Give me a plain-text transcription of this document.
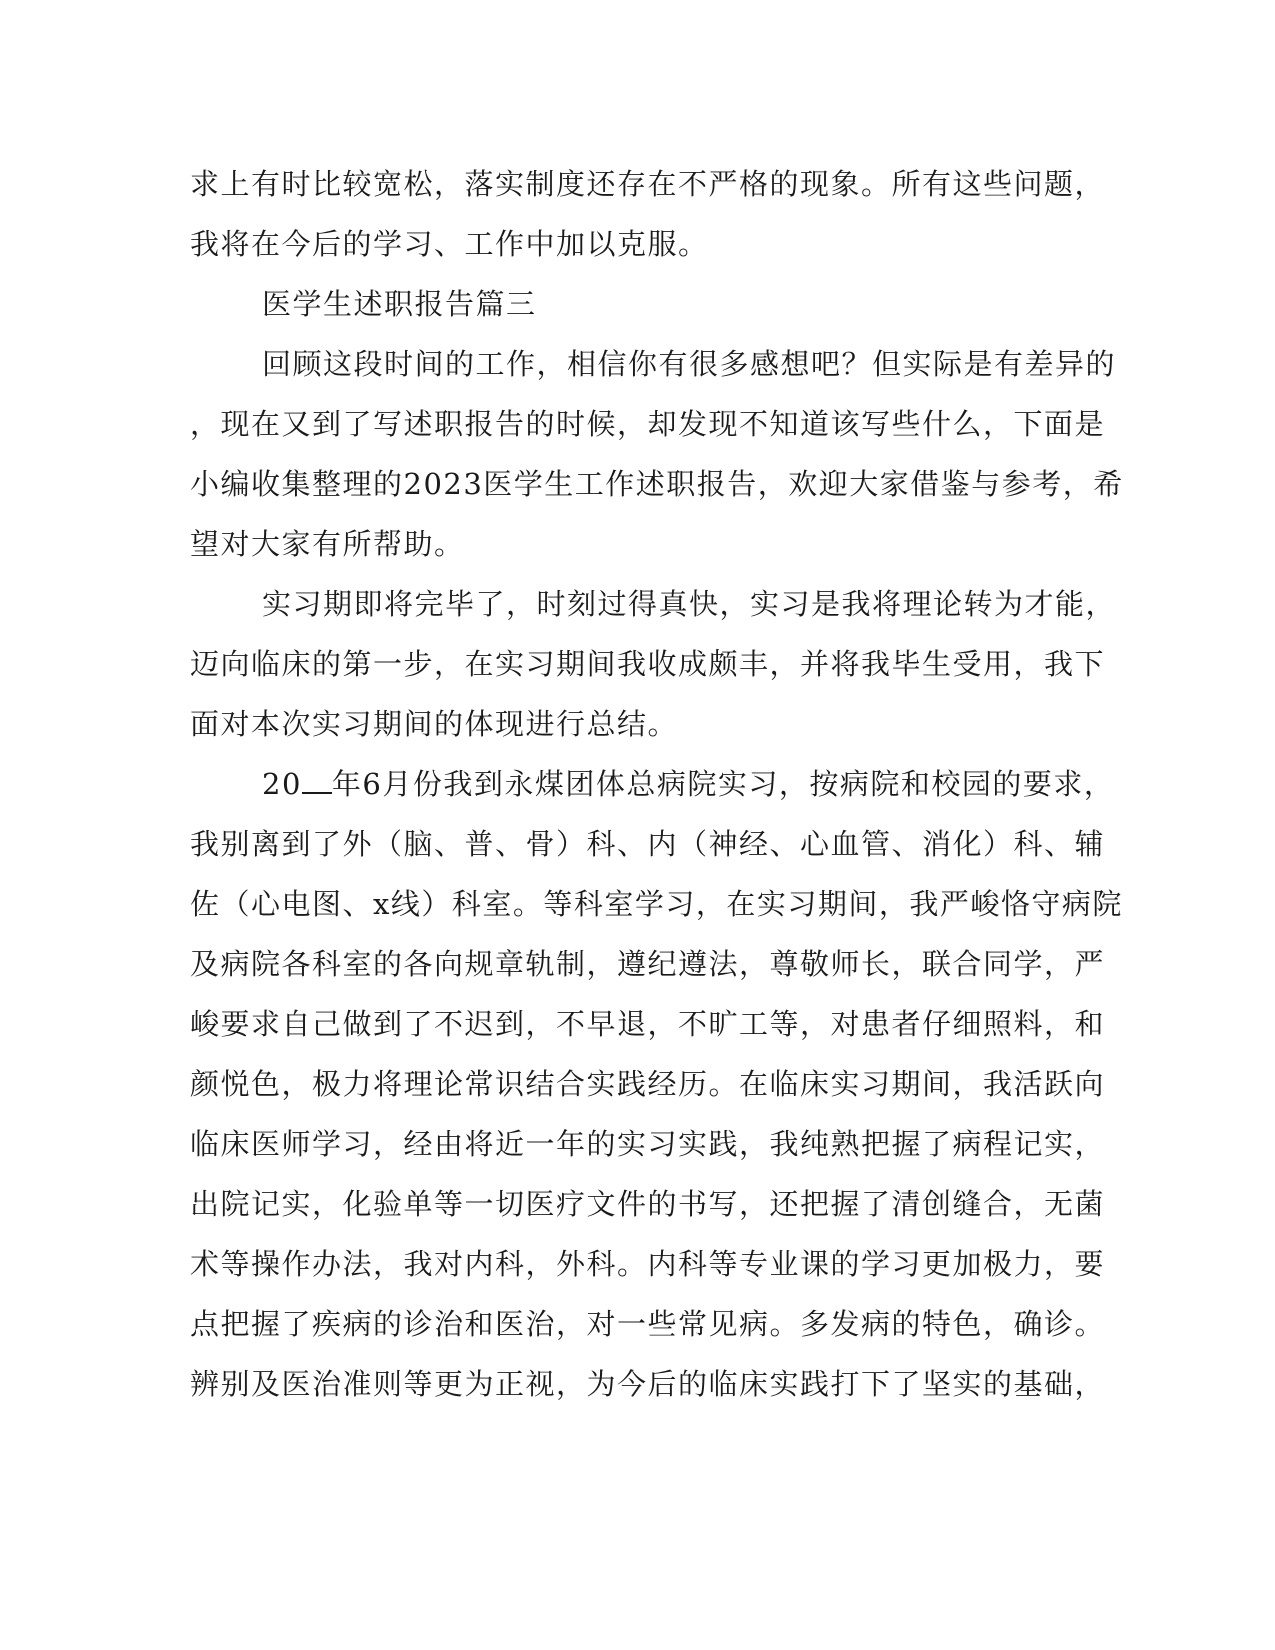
求上有时比较宽松，落实制度还存在不严格的现象。所有这些问题，
我将在今后的学习、工作中加以克服。
医学生述职报告篇三
回顾这段时间的工作，相信你有很多感想吧？但实际是有差异的
，现在又到了写述职报告的时候，却发现不知道该写些什么，下面是
小编收集整理的2023医学生工作述职报告，欢迎大家借鉴与参考，希
望对大家有所帮助。
实习期即将完毕了，时刻过得真快，实习是我将理论转为才能，
迈向临床的第一步，在实习期间我收成颇丰，并将我毕生受用，我下
面对本次实习期间的体现进行总结。
20 年6月份我到永煤团体总病院实习，按病院和校园的要求，
我别离到了外（脑、普、骨）科、内（神经、心血管、消化）科、辅
佐（心电图、x线）科室。等科室学习，在实习期间，我严峻恪守病院
及病院各科室的各向规章轨制，遵纪遵法，尊敬师长，联合同学，严
峻要求自己做到了不迟到，不早退，不旷工等，对患者仔细照料，和
颜悦色，极力将理论常识结合实践经历。在临床实习期间，我活跃向
临床医师学习，经由将近一年的实习实践，我纯熟把握了病程记实，
出院记实，化验单等一切医疗文件的书写，还把握了清创缝合，无菌
术等操作办法，我对内科，外科。内科等专业课的学习更加极力，要
点把握了疾病的诊治和医治，对一些常见病。多发病的特色，确诊。
辨别及医治准则等更为正视，为今后的临床实践打下了坚实的基础，
